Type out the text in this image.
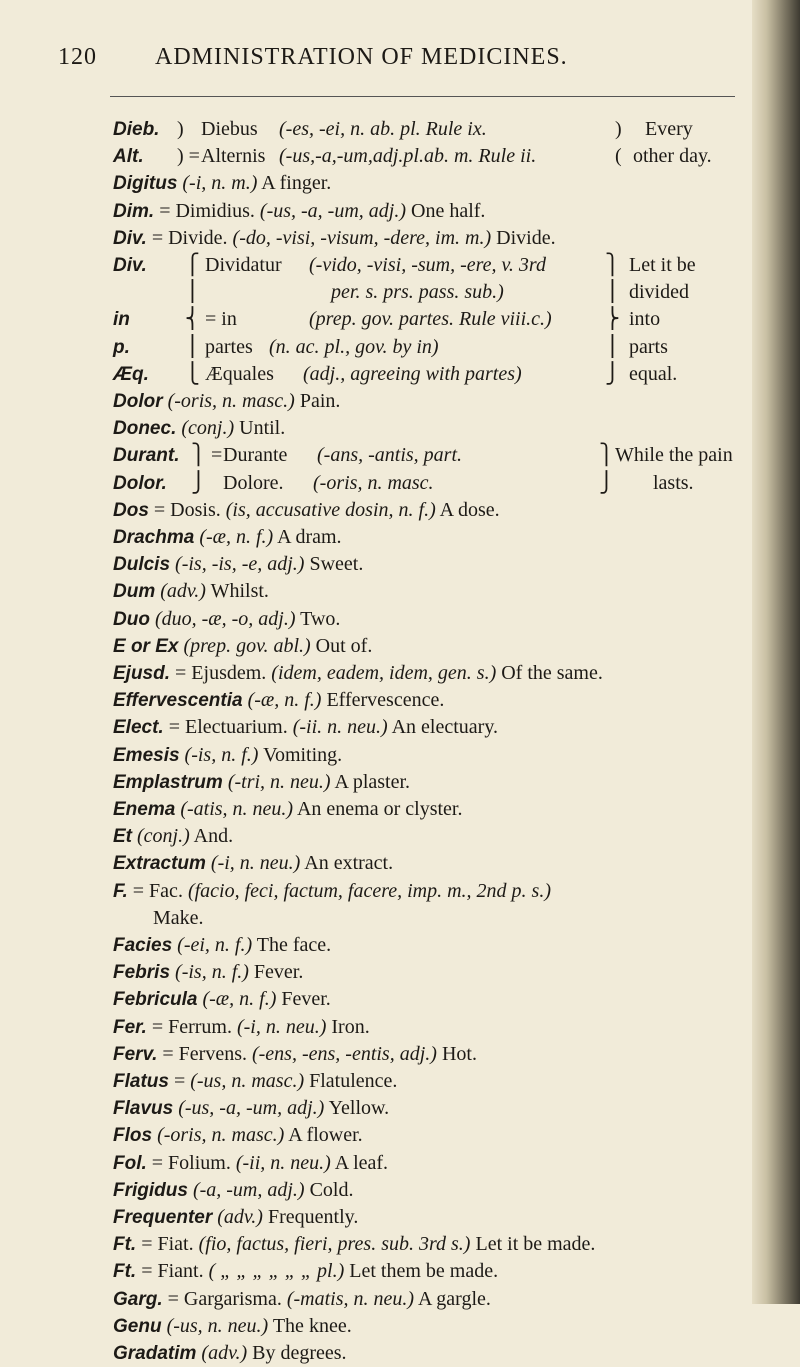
120 ADMINISTRATION OF MEDICINES.
Dieb. ) Diebus (-es, -ei, n. ab. pl. Rule ix.	) Every
Alt. ) = Alternis (-us,-a,-um,adj.pl.ab. m. Rule ii.	( other day.
Digitus (-i, n. m.) A finger.
Dim. = Dimidius. (-us, -a, -um, adj.) One half.
Div. = Divide. (-do, -visi, -visum, -dere, im. m.) Divide.
Div. ⎧ Dividatur (-vido, -visi, -sum, -ere, v. 3rd	⎫ Let it be
⎪	per. s. prs. pass. sub.)	⎪ divided
in	⎨ = in	(prep. gov. partes. Rule viii.c.)	⎬ into
p.	⎪ partes (n. ac. pl., gov. by in)	⎪ parts
Æq. ⎩ Æquales (adj., agreeing with partes)	⎭ equal.
Dolor (-oris, n. masc.) Pain.
Donec. (conj.) Until.
Durant. ⎫ = Durante (-ans, -antis, part.	⎫ While the pain
Dolor. ⎭ Dolore. (-oris, n. masc.	⎭ lasts.
Dos = Dosis. (is, accusative dosin, n. f.) A dose.
Drachma (-æ, n. f.) A dram.
Dulcis (-is, -is, -e, adj.) Sweet.
Dum (adv.) Whilst.
Duo (duo, -æ, -o, adj.) Two.
E or Ex (prep. gov. abl.) Out of.
Ejusd. = Ejusdem. (idem, eadem, idem, gen. s.) Of the same.
Effervescentia (-æ, n. f.) Effervescence.
Elect. = Electuarium. (-ii. n. neu.) An electuary.
Emesis (-is, n. f.) Vomiting.
Emplastrum (-tri, n. neu.) A plaster.
Enema (-atis, n. neu.) An enema or clyster.
Et (conj.) And.
Extractum (-i, n. neu.) An extract.
F. = Fac. (facio, feci, factum, facere, imp. m., 2nd p. s.)
Make.
Facies (-ei, n. f.) The face.
Febris (-is, n. f.) Fever.
Febricula (-æ, n. f.) Fever.
Fer. = Ferrum. (-i, n. neu.) Iron.
Ferv. = Fervens. (-ens, -ens, -entis, adj.) Hot.
Flatus = (-us, n. masc.) Flatulence.
Flavus (-us, -a, -um, adj.) Yellow.
Flos (-oris, n. masc.) A flower.
Fol. = Folium. (-ii, n. neu.) A leaf.
Frigidus (-a, -um, adj.) Cold.
Frequenter (adv.) Frequently.
Ft. = Fiat. (fio, factus, fieri, pres. sub. 3rd s.) Let it be made.
Ft. = Fiant. ( „ „ „ „ „ „ pl.) Let them be made.
Garg. = Gargarisma. (-matis, n. neu.) A gargle.
Genu (-us, n. neu.) The knee.
Gradatim (adv.) By degrees.
